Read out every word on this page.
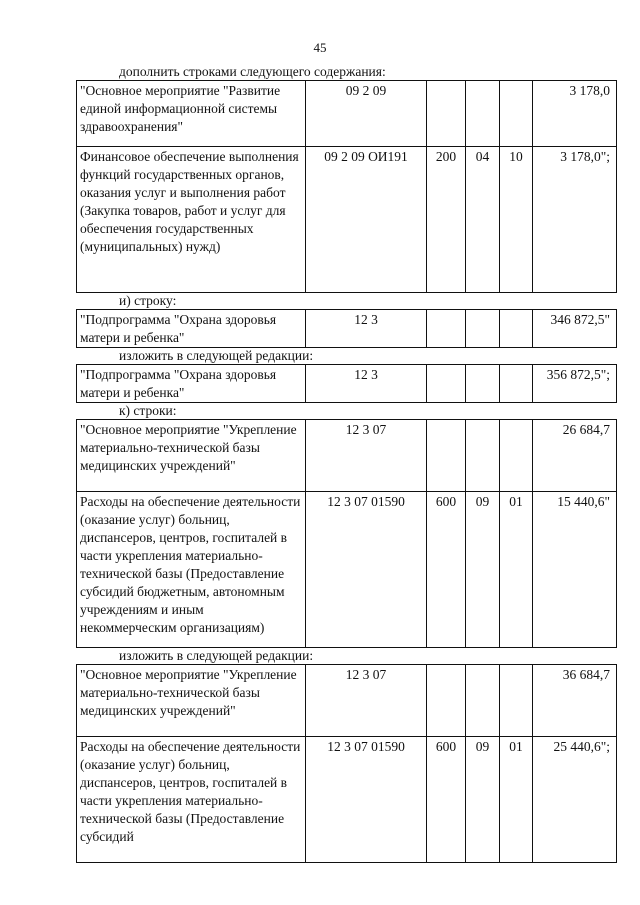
45
дополнить строками следующего содержания:
"Основное мероприятие "Развитие единой информационной системы здравоохранения"	09 2 09				3 178,0
Финансовое обеспечение выполнения функций государственных органов, оказания услуг и выполнения работ (Закупка товаров, работ и услуг для обеспечения государственных (муниципальных) нужд)	09 2 09 ОИ191	200	04	10	3 178,0";
и) строку:
"Подпрограмма "Охрана здоровья матери и ребенка"	12 3				346 872,5"
изложить в следующей редакции:
"Подпрограмма "Охрана здоровья матери и ребенка"	12 3				356 872,5";
к) строки:
"Основное мероприятие "Укрепление материально-технической базы медицинских учреждений"	12 3 07				26 684,7
Расходы на обеспечение деятельности (оказание услуг) больниц, диспансеров, центров, госпиталей в части укрепления материально-технической базы (Предоставление субсидий бюджетным, автономным учреждениям и иным некоммерческим организациям)	12 3 07 01590	600	09	01	15 440,6"
изложить в следующей редакции:
"Основное мероприятие "Укрепление материально-технической базы медицинских учреждений"	12 3 07				36 684,7
Расходы на обеспечение деятельности (оказание услуг) больниц, диспансеров, центров, госпиталей в части укрепления материально-технической базы (Предоставление субсидий	12 3 07 01590	600	09	01	25 440,6";
